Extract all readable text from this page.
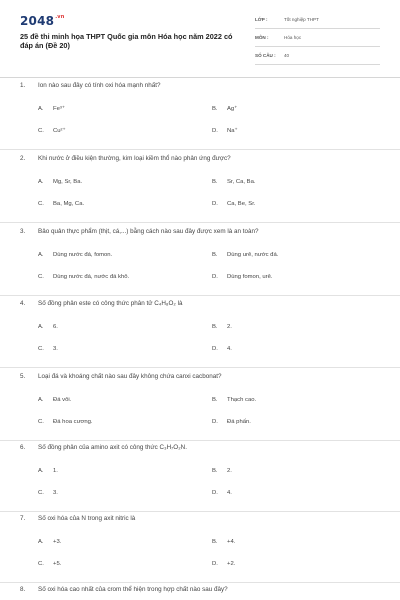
$2048^{.vn}$
25 đề thi minh họa THPT Quốc gia môn Hóa học năm 2022 có đáp án (Đề 20)
LỚP :	Tốt nghiệp THPT
MÔN :	Hóa học
SỐ CÂU : 40
1. Ion nào sau đây có tính oxi hóa mạnh nhất?
A. Fe³⁺	B. Ag⁺
C. Cu²⁺	D. Na⁺
2. Khi nước ở điều kiện thường, kim loại kiềm thổ nào phản ứng được?
A. Mg, Sr, Ba.	B. Sr, Ca, Ba.
C. Ba, Mg, Ca.	D. Ca, Be, Sr.
3. Bảo quản thực phẩm (thịt, cá,...) bằng cách nào sau đây được xem là an toàn?
A. Dùng nước đá, fomon.	B. Dùng urê, nước đá.
C. Dùng nước đá, nước đá khô.	D. Dùng fomon, urê.
4. Số đồng phân este có công thức phân tử C₄H₈O₂ là
A. 6.	B. 2.
C. 3.	D. 4.
5. Loại đá và khoáng chất nào sau đây không chứa canxi cacbonat?
A. Đá vôi.	B. Thạch cao.
C. Đá hoa cương.	D. Đá phấn.
6. Số đồng phân của amino axit có công thức C₃H₇O₂N.
A. 1.	B. 2.
C. 3.	D. 4.
7. Số oxi hóa của N trong axit nitric là
A. +3.	B. +4.
C. +5.	D. +2.
8. Số oxi hóa cao nhất của crom thể hiện trong hợp chất nào sau đây?
